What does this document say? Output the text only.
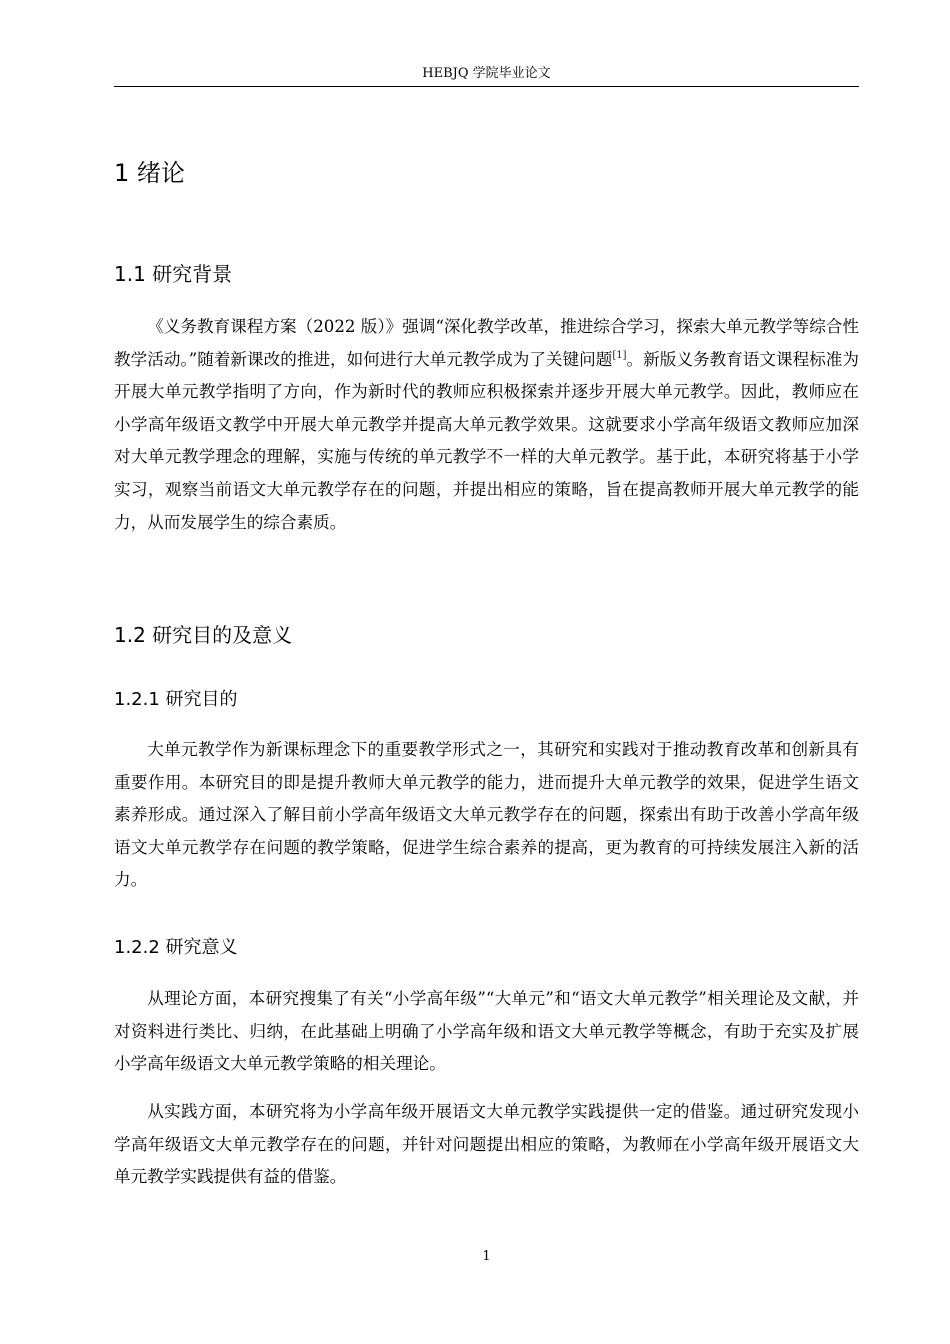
HEBJQ 学院毕业论文
1 绪论
1.1 研究背景

《义务教育课程方案（2022 版）》强调“深化教学改革，推进综合学习，探索大单元教学等综合性教学活动。”随着新课改的推进，如何进行大单元教学成为了关键问题[1]。新版义务教育语文课程标准为开展大单元教学指明了方向，作为新时代的教师应积极探索并逐步开展大单元教学。因此，教师应在小学高年级语文教学中开展大单元教学并提高大单元教学效果。这就要求小学高年级语文教师应加深对大单元教学理念的理解，实施与传统的单元教学不一样的大单元教学。基于此，本研究将基于小学实习，观察当前语文大单元教学存在的问题，并提出相应的策略，旨在提高教师开展大单元教学的能力，从而发展学生的综合素质。

1.2 研究目的及意义
1.2.1 研究目的

大单元教学作为新课标理念下的重要教学形式之一，其研究和实践对于推动教育改革和创新具有重要作用。本研究目的即是提升教师大单元教学的能力，进而提升大单元教学的效果，促进学生语文素养形成。通过深入了解目前小学高年级语文大单元教学存在的问题，探索出有助于改善小学高年级语文大单元教学存在问题的教学策略，促进学生综合素养的提高，更为教育的可持续发展注入新的活力。

1.2.2 研究意义

从理论方面，本研究搜集了有关“小学高年级”“大单元”和“语文大单元教学”相关理论及文献，并对资料进行类比、归纳，在此基础上明确了小学高年级和语文大单元教学等概念，有助于充实及扩展小学高年级语文大单元教学策略的相关理论。

从实践方面，本研究将为小学高年级开展语文大单元教学实践提供一定的借鉴。通过研究发现小学高年级语文大单元教学存在的问题，并针对问题提出相应的策略，为教师在小学高年级开展语文大单元教学实践提供有益的借鉴。

1
